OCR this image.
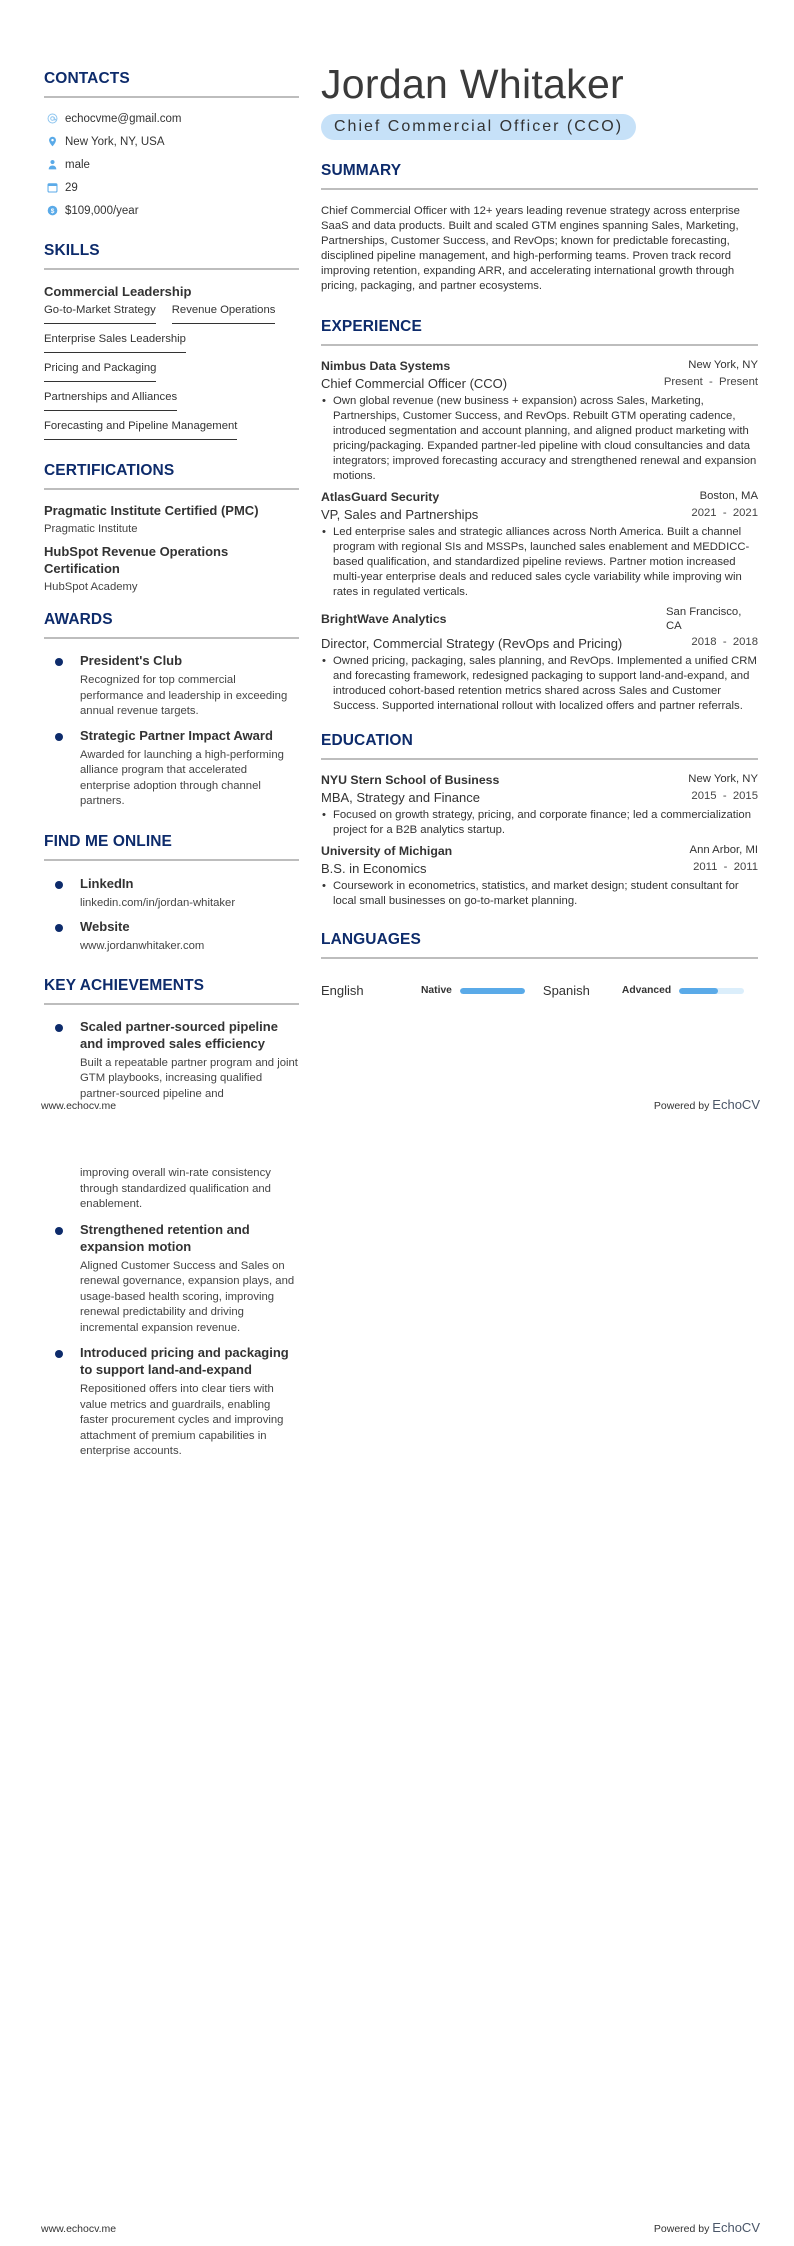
CONTACTS
echocvme@gmail.com
New York, NY, USA
male
29
$ $109,000/year
SKILLS
Commercial Leadership
Go-to-Market Strategy Revenue Operations
Enterprise Sales Leadership
Pricing and Packaging
Partnerships and Alliances
Forecasting and Pipeline Management
CERTIFICATIONS
Pragmatic Institute Certified (PMC)
Pragmatic Institute
HubSpot Revenue Operations Certification
HubSpot Academy
AWARDS
President's Club
Recognized for top commercial performance and leadership in exceeding annual revenue targets.
Strategic Partner Impact Award
Awarded for launching a high-performing alliance program that accelerated enterprise adoption through channel partners.
FIND ME ONLINE
LinkedIn
linkedin.com/in/jordan-whitaker
Website
www.jordanwhitaker.com
KEY ACHIEVEMENTS
Scaled partner-sourced pipeline and improved sales efficiency
Built a repeatable partner program and joint GTM playbooks, increasing qualified partner-sourced pipeline and
Jordan Whitaker
Chief Commercial Officer (CCO)
SUMMARY
Chief Commercial Officer with 12+ years leading revenue strategy across enterprise SaaS and data products. Built and scaled GTM engines spanning Sales, Marketing, Partnerships, Customer Success, and RevOps; known for predictable forecasting, disciplined pipeline management, and high-performing teams. Proven track record improving retention, expanding ARR, and accelerating international growth through pricing, packaging, and partner ecosystems.
EXPERIENCE
Nimbus Data Systems	New York, NY
Chief Commercial Officer (CCO)	Present  -  Present
• Own global revenue (new business + expansion) across Sales, Marketing, Partnerships, Customer Success, and RevOps. Rebuilt GTM operating cadence, introduced segmentation and account planning, and aligned product marketing with pricing/packaging. Expanded partner-led pipeline with cloud consultancies and data integrators; improved forecasting accuracy and strengthened renewal and expansion motions.
AtlasGuard Security	Boston, MA
VP, Sales and Partnerships	2021  -  2021
• Led enterprise sales and strategic alliances across North America. Built a channel program with regional SIs and MSSPs, launched sales enablement and MEDDICC-based qualification, and standardized pipeline reviews. Partner motion increased multi-year enterprise deals and reduced sales cycle variability while improving win rates in regulated verticals.
BrightWave Analytics	San Francisco, CA
Director, Commercial Strategy (RevOps and Pricing)	2018  -  2018
• Owned pricing, packaging, sales planning, and RevOps. Implemented a unified CRM and forecasting framework, redesigned packaging to support land-and-expand, and introduced cohort-based retention metrics shared across Sales and Customer Success. Supported international rollout with localized offers and partner referrals.
EDUCATION
NYU Stern School of Business	New York, NY
MBA, Strategy and Finance	2015  -  2015
• Focused on growth strategy, pricing, and corporate finance; led a commercialization project for a B2B analytics startup.
University of Michigan	Ann Arbor, MI
B.S. in Economics	2011  -  2011
• Coursework in econometrics, statistics, and market design; student consultant for local small businesses on go-to-market planning.
LANGUAGES
English	Native	Spanish	Advanced
www.echocv.me	Powered by EchoCV
improving overall win-rate consistency through standardized qualification and enablement.
Strengthened retention and expansion motion
Aligned Customer Success and Sales on renewal governance, expansion plays, and usage-based health scoring, improving renewal predictability and driving incremental expansion revenue.
Introduced pricing and packaging to support land-and-expand
Repositioned offers into clear tiers with value metrics and guardrails, enabling faster procurement cycles and improving attachment of premium capabilities in enterprise accounts.
www.echocv.me	Powered by EchoCV
